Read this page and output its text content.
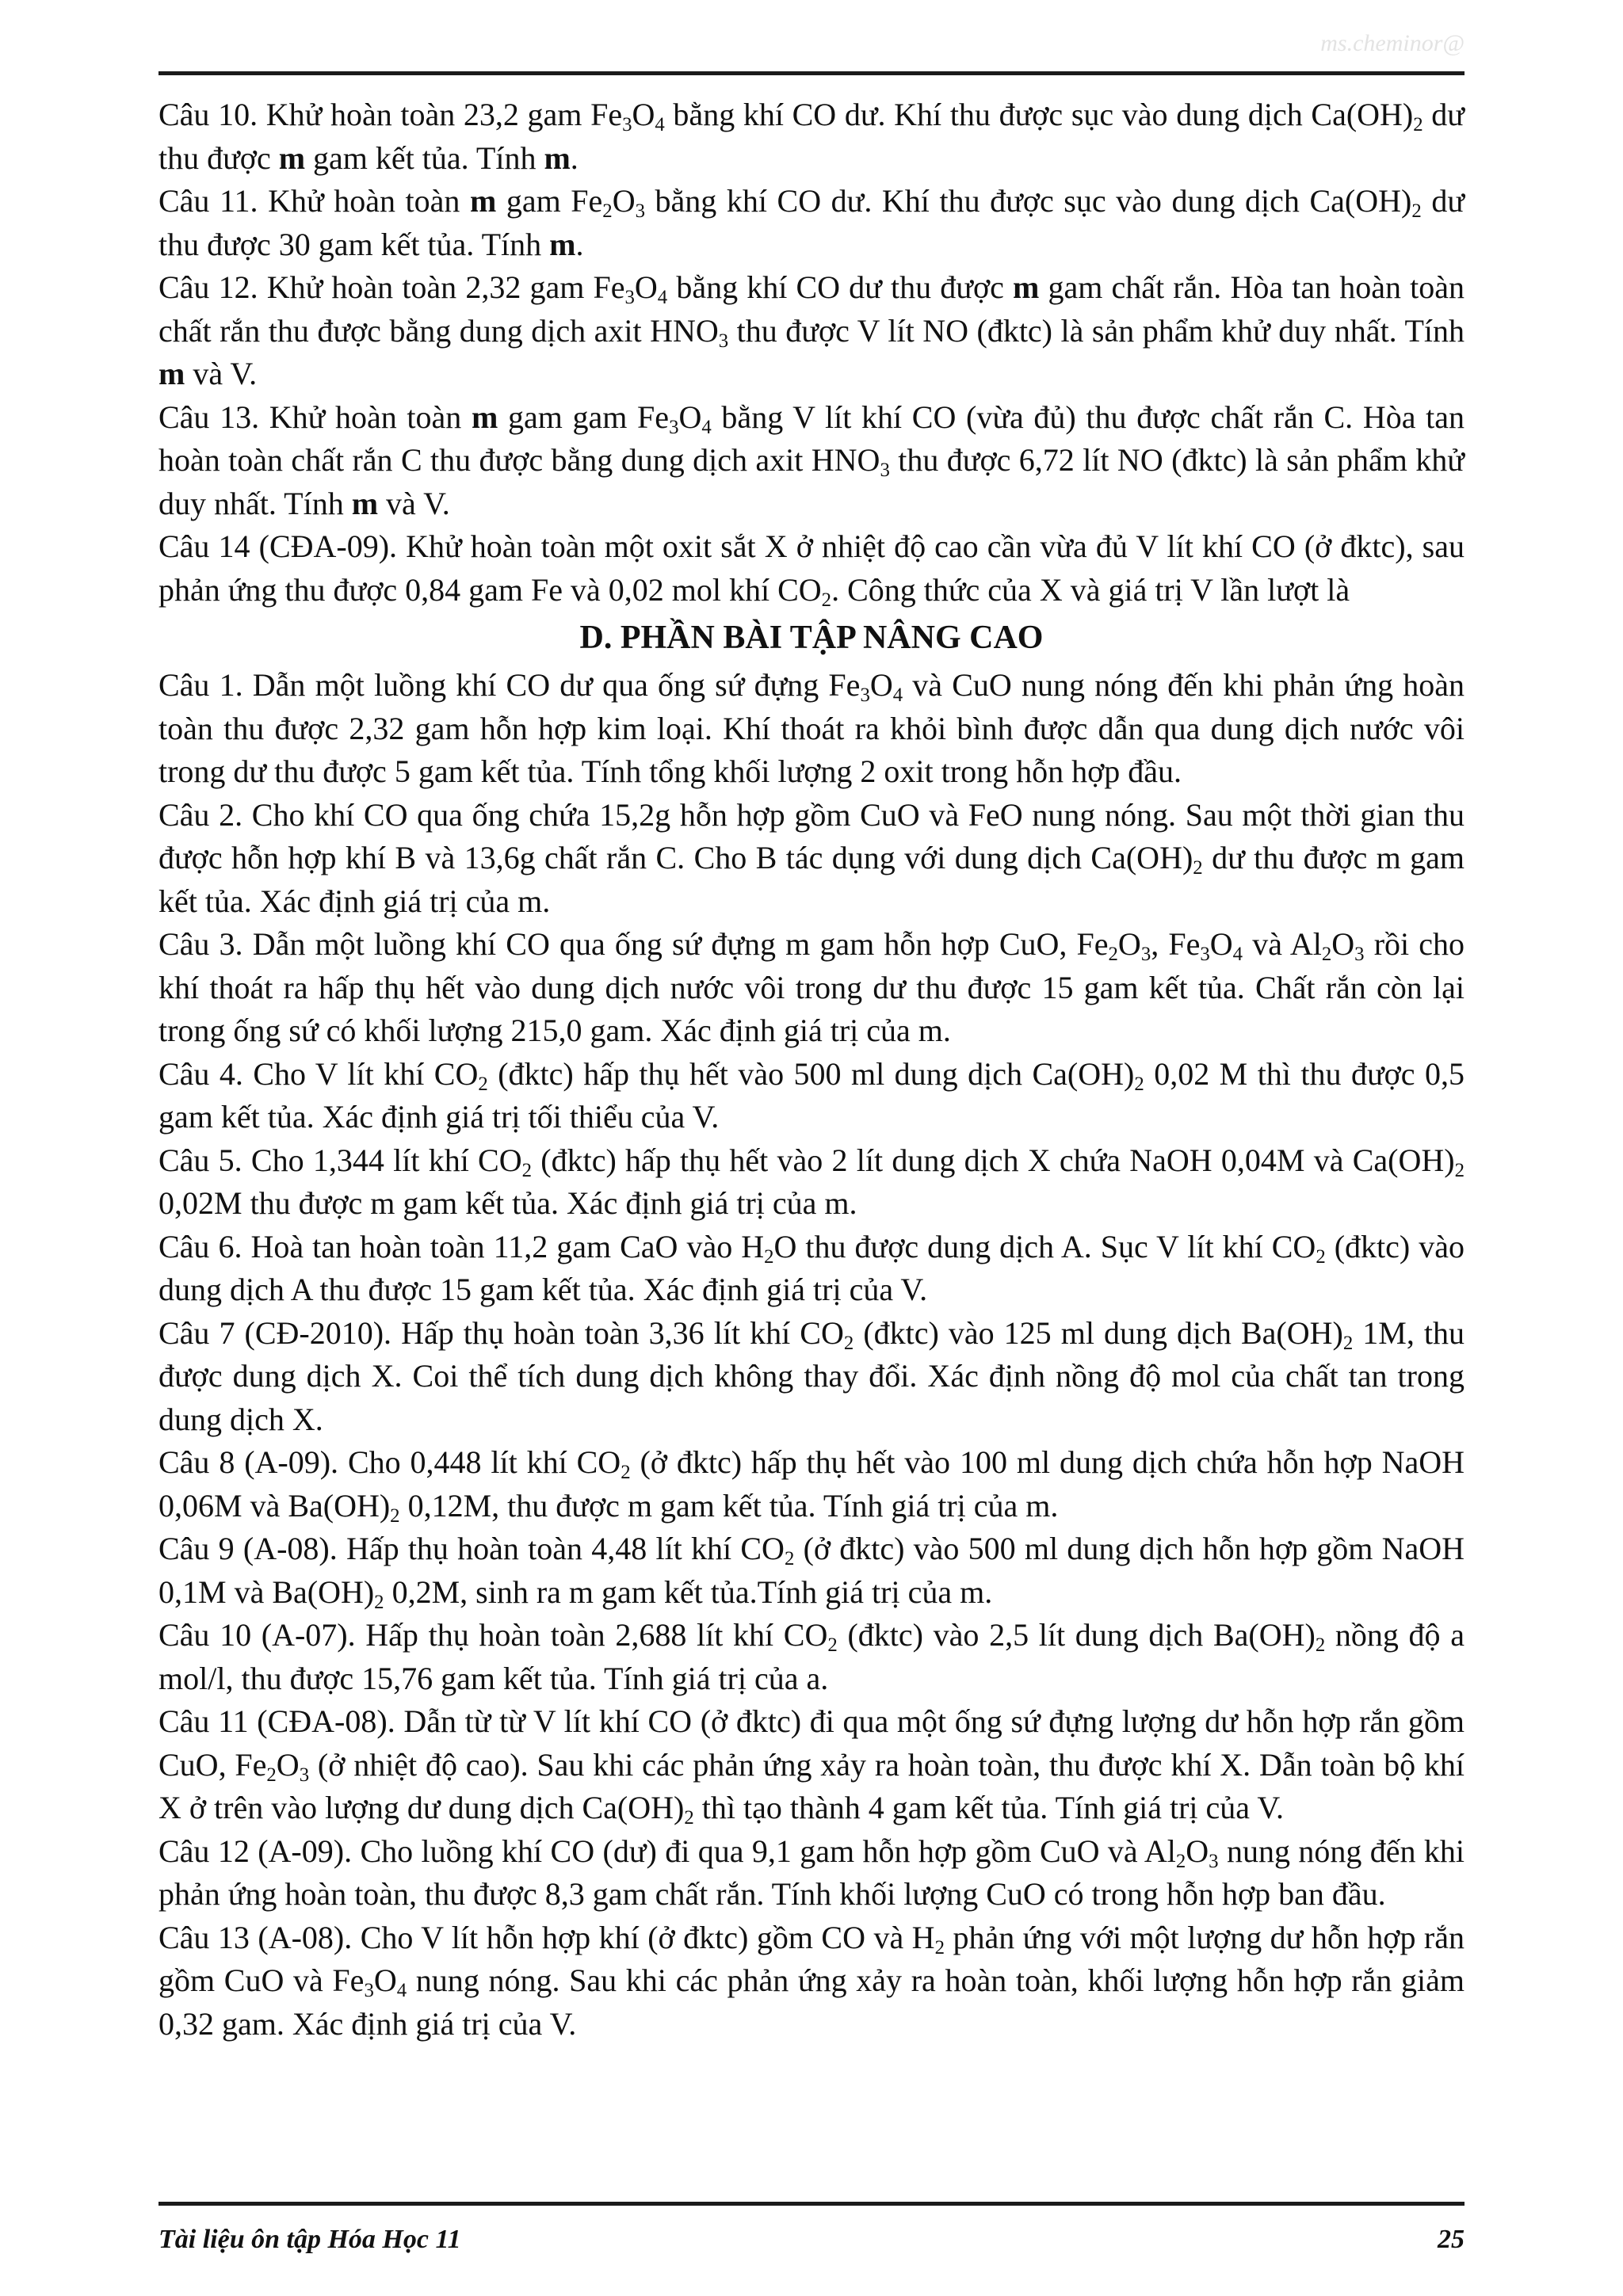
ms.cheminor@

Câu 10. Khử hoàn toàn 23,2 gam $Fe_3O_4$ bằng khí CO dư. Khí thu được sục vào dung dịch $Ca(OH)_2$ dư thu được m gam kết tủa. Tính m.

Câu 11. Khử hoàn toàn m gam $Fe_2O_3$ bằng khí CO dư. Khí thu được sục vào dung dịch $Ca(OH)_2$ dư thu được 30 gam kết tủa. Tính m.

Câu 12. Khử hoàn toàn 2,32 gam $Fe_3O_4$ bằng khí CO dư thu được m gam chất rắn. Hòa tan hoàn toàn chất rắn thu được bằng dung dịch axit $HNO_3$ thu được V lít NO (đktc) là sản phẩm khử duy nhất. Tính m và V.

Câu 13. Khử hoàn toàn m gam gam $Fe_3O_4$ bằng V lít khí CO (vừa đủ) thu được chất rắn C. Hòa tan hoàn toàn chất rắn C thu được bằng dung dịch axit $HNO_3$ thu được 6,72 lít NO (đktc) là sản phẩm khử duy nhất. Tính m và V.

Câu 14 (CĐA-09). Khử hoàn toàn một oxit sắt X ở nhiệt độ cao cần vừa đủ V lít khí CO (ở đktc), sau phản ứng thu được 0,84 gam Fe và 0,02 mol khí $CO_2$. Công thức của X và giá trị V lần lượt là

D. PHẦN BÀI TẬP NÂNG CAO

Câu 1. Dẫn một luồng khí CO dư qua ống sứ đựng $Fe_3O_4$ và CuO nung nóng đến khi phản ứng hoàn toàn thu được 2,32 gam hỗn hợp kim loại. Khí thoát ra khỏi bình được dẫn qua dung dịch nước vôi trong dư thu được 5 gam kết tủa. Tính tổng khối lượng 2 oxit trong hỗn hợp đầu.

Câu 2. Cho khí CO qua ống chứa 15,2g hỗn hợp gồm CuO và FeO nung nóng. Sau một thời gian thu được hỗn hợp khí B và 13,6g chất rắn C. Cho B tác dụng với dung dịch $Ca(OH)_2$ dư thu được m gam kết tủa. Xác định giá trị của m.

Câu 3. Dẫn một luồng khí CO qua ống sứ đựng m gam hỗn hợp CuO, $Fe_2O_3$, $Fe_3O_4$ và $Al_2O_3$ rồi cho khí thoát ra hấp thụ hết vào dung dịch nước vôi trong dư thu được 15 gam kết tủa. Chất rắn còn lại trong ống sứ có khối lượng 215,0 gam. Xác định giá trị của m.

Câu 4. Cho V lít khí $CO_2$ (đktc) hấp thụ hết vào 500 ml dung dịch $Ca(OH)_2$ 0,02 M thì thu được 0,5 gam kết tủa. Xác định giá trị tối thiểu của V.

Câu 5. Cho 1,344 lít khí $CO_2$ (đktc) hấp thụ hết vào 2 lít dung dịch X chứa NaOH 0,04M và $Ca(OH)_2$ 0,02M thu được m gam kết tủa. Xác định giá trị của m.

Câu 6. Hoà tan hoàn toàn 11,2 gam CaO vào $H_2O$ thu được dung dịch A. Sục V lít khí $CO_2$ (đktc) vào dung dịch A thu được 15 gam kết tủa. Xác định giá trị của V.

Câu 7 (CĐ-2010). Hấp thụ hoàn toàn 3,36 lít khí $CO_2$ (đktc) vào 125 ml dung dịch $Ba(OH)_2$ 1M, thu được dung dịch X. Coi thể tích dung dịch không thay đổi. Xác định nồng độ mol của chất tan trong dung dịch X.

Câu 8 (A-09). Cho 0,448 lít khí $CO_2$ (ở đktc) hấp thụ hết vào 100 ml dung dịch chứa hỗn hợp NaOH 0,06M và $Ba(OH)_2$ 0,12M, thu được m gam kết tủa. Tính giá trị của m.

Câu 9 (A-08). Hấp thụ hoàn toàn 4,48 lít khí $CO_2$ (ở đktc) vào 500 ml dung dịch hỗn hợp gồm NaOH 0,1M và $Ba(OH)_2$ 0,2M, sinh ra m gam kết tủa.Tính giá trị của m.

Câu 10 (A-07). Hấp thụ hoàn toàn 2,688 lít khí $CO_2$ (đktc) vào 2,5 lít dung dịch $Ba(OH)_2$ nồng độ a mol/l, thu được 15,76 gam kết tủa. Tính giá trị của a.

Câu 11 (CĐA-08). Dẫn từ từ V lít khí CO (ở đktc) đi qua một ống sứ đựng lượng dư hỗn hợp rắn gồm CuO, $Fe_2O_3$ (ở nhiệt độ cao). Sau khi các phản ứng xảy ra hoàn toàn, thu được khí X. Dẫn toàn bộ khí X ở trên vào lượng dư dung dịch $Ca(OH)_2$ thì tạo thành 4 gam kết tủa. Tính giá trị của V.

Câu 12 (A-09). Cho luồng khí CO (dư) đi qua 9,1 gam hỗn hợp gồm CuO và $Al_2O_3$ nung nóng đến khi phản ứng hoàn toàn, thu được 8,3 gam chất rắn. Tính khối lượng CuO có trong hỗn hợp ban đầu.

Câu 13 (A-08). Cho V lít hỗn hợp khí (ở đktc) gồm CO và $H_2$ phản ứng với một lượng dư hỗn hợp rắn gồm CuO và $Fe_3O_4$ nung nóng. Sau khi các phản ứng xảy ra hoàn toàn, khối lượng hỗn hợp rắn giảm 0,32 gam. Xác định giá trị của V.

Tài liệu ôn tập Hóa Học 11	25
